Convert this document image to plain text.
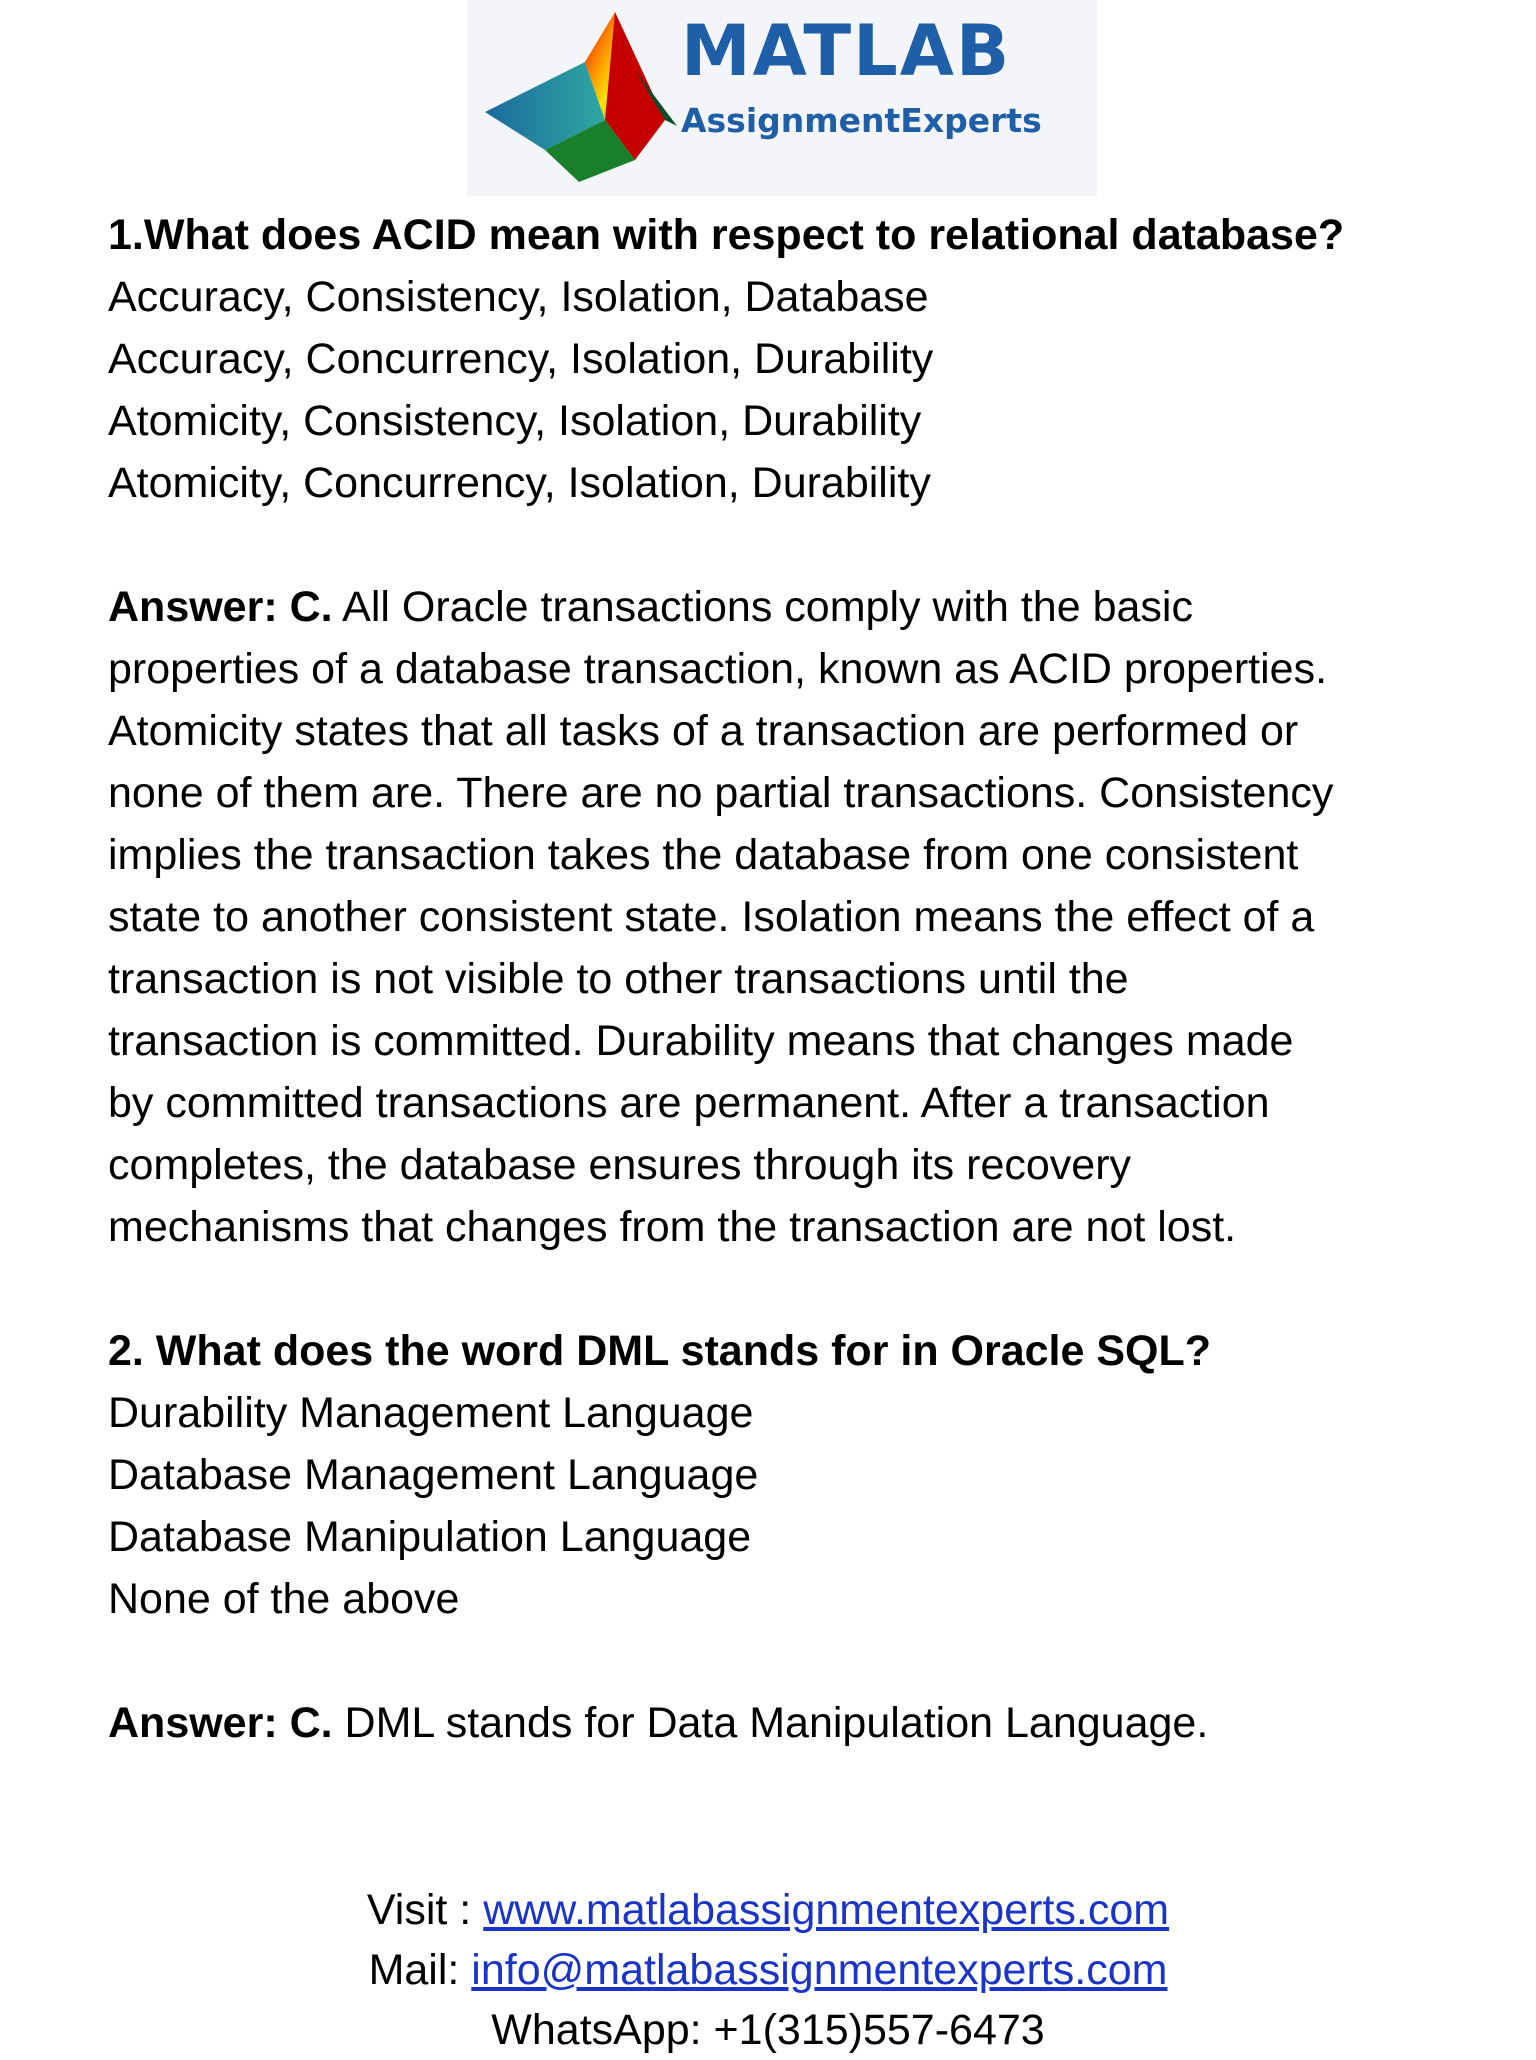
MATLAB
AssignmentExperts
1.What does ACID mean with respect to relational database?
Accuracy, Consistency, Isolation, Database
Accuracy, Concurrency, Isolation, Durability
Atomicity, Consistency, Isolation, Durability
Atomicity, Concurrency, Isolation, Durability
Answer: C. All Oracle transactions comply with the basic
properties of a database transaction, known as ACID properties.
Atomicity states that all tasks of a transaction are performed or
none of them are. There are no partial transactions. Consistency
implies the transaction takes the database from one consistent
state to another consistent state. Isolation means the effect of a
transaction is not visible to other transactions until the
transaction is committed. Durability means that changes made
by committed transactions are permanent. After a transaction
completes, the database ensures through its recovery
mechanisms that changes from the transaction are not lost.
2. What does the word DML stands for in Oracle SQL?
Durability Management Language
Database Management Language
Database Manipulation Language
None of the above
Answer: C. DML stands for Data Manipulation Language.
Visit : www.matlabassignmentexperts.com
Mail: info@matlabassignmentexperts.com
WhatsApp: +1(315)557-6473
